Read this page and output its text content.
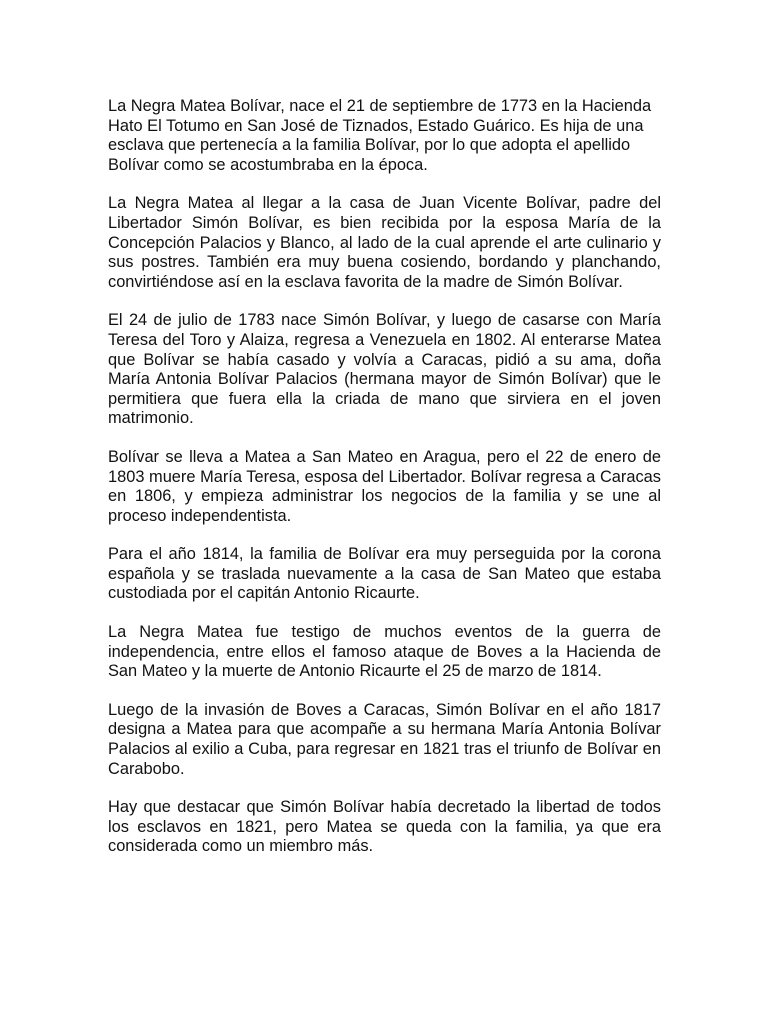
La Negra Matea Bolívar, nace el 21 de septiembre de 1773 en la Hacienda Hato El Totumo en San José de Tiznados, Estado Guárico. Es hija de una esclava que pertenecía a la familia Bolívar, por lo que adopta el apellido Bolívar como se acostumbraba en la época.

La Negra Matea al llegar a la casa de Juan Vicente Bolívar, padre del Libertador Simón Bolívar, es bien recibida por la esposa María de la Concepción Palacios y Blanco, al lado de la cual aprende el arte culinario y sus postres. También era muy buena cosiendo, bordando y planchando, convirtiéndose así en la esclava favorita de la madre de Simón Bolívar.

El 24 de julio de 1783 nace Simón Bolívar, y luego de casarse con María Teresa del Toro y Alaiza, regresa a Venezuela en 1802. Al enterarse Matea que Bolívar se había casado y volvía a Caracas, pidió a su ama, doña María Antonia Bolívar Palacios (hermana mayor de Simón Bolívar) que le permitiera que fuera ella la criada de mano que sirviera en el joven matrimonio.

Bolívar se lleva a Matea a San Mateo en Aragua, pero el 22 de enero de 1803 muere María Teresa, esposa del Libertador. Bolívar regresa a Caracas en 1806, y empieza administrar los negocios de la familia y se une al proceso independentista.

Para el año 1814, la familia de Bolívar era muy perseguida por la corona española y se traslada nuevamente a la casa de San Mateo que estaba custodiada por el capitán Antonio Ricaurte.

La Negra Matea fue testigo de muchos eventos de la guerra de independencia, entre ellos el famoso ataque de Boves a la Hacienda de San Mateo y la muerte de Antonio Ricaurte el 25 de marzo de 1814.

Luego de la invasión de Boves a Caracas, Simón Bolívar en el año 1817 designa a Matea para que acompañe a su hermana María Antonia Bolívar Palacios al exilio a Cuba, para regresar en 1821 tras el triunfo de Bolívar en Carabobo.

Hay que destacar que Simón Bolívar había decretado la libertad de todos los esclavos en 1821, pero Matea se queda con la familia, ya que era considerada como un miembro más.
